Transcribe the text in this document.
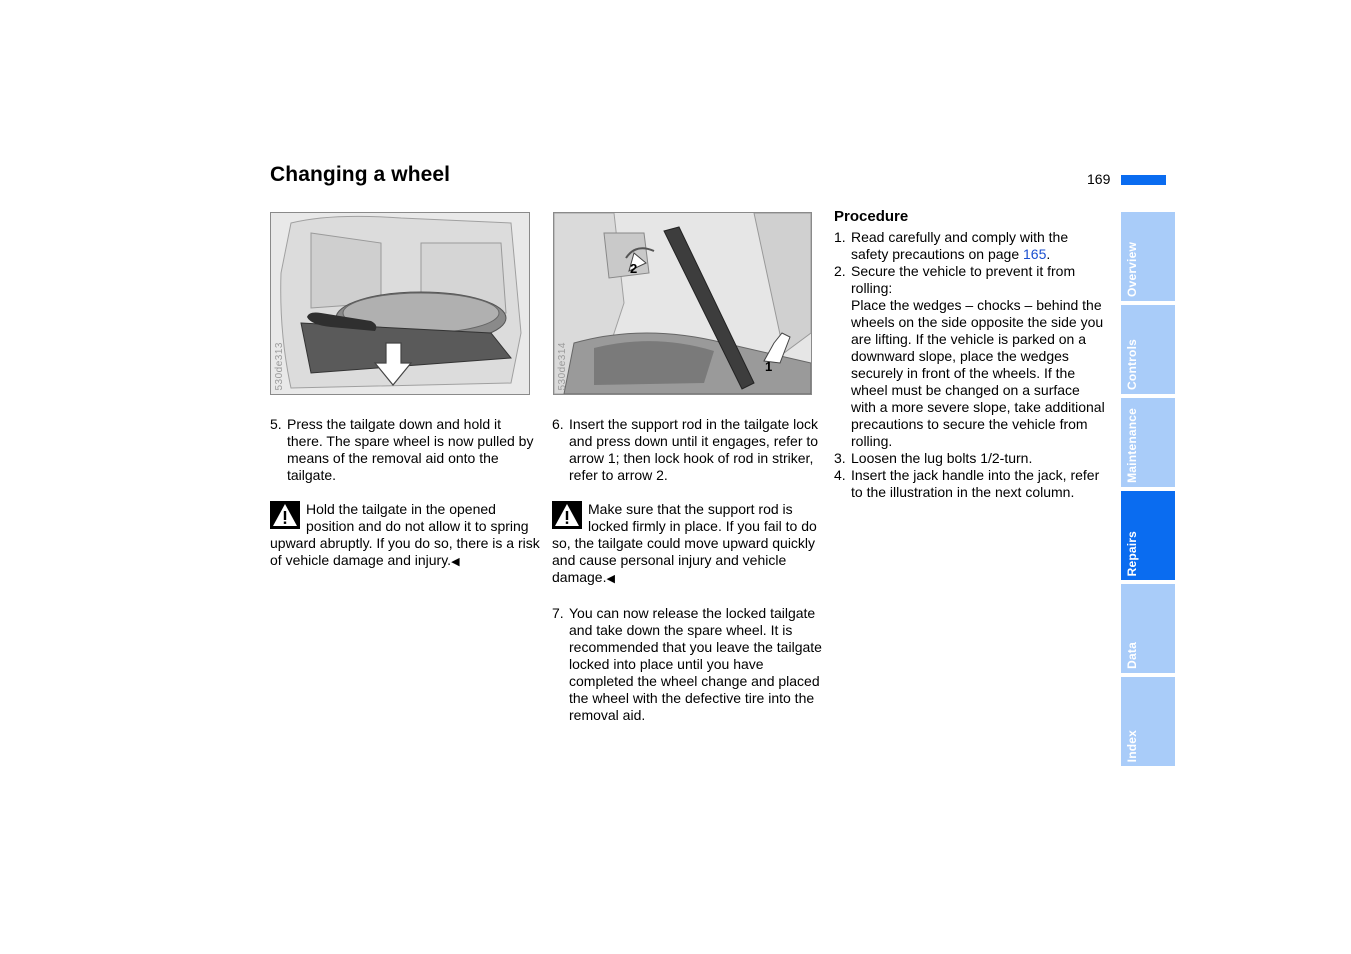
Changing a wheel	169
530de313	530de314
2
1

5. Press the tailgate down and hold it there. The spare wheel is now pulled by means of the removal aid onto the tailgate.

Hold the tailgate in the opened position and do not allow it to spring upward abruptly. If you do so, there is a risk of vehicle damage and injury.◀

6. Insert the support rod in the tailgate lock and press down until it engages, refer to arrow 1; then lock hook of rod in striker, refer to arrow 2.

Make sure that the support rod is locked firmly in place. If you fail to do so, the tailgate could move upward quickly and cause personal injury and vehicle damage.◀

7. You can now release the locked tailgate and take down the spare wheel. It is recommended that you leave the tailgate locked into place until you have completed the wheel change and placed the wheel with the defective tire into the removal aid.

Procedure

1. Read carefully and comply with the safety precautions on page 165.

2. Secure the vehicle to prevent it from rolling:
Place the wedges – chocks – behind the wheels on the side opposite the side you are lifting. If the vehicle is parked on a downward slope, place the wedges securely in front of the wheels. If the wheel must be changed on a surface with a more severe slope, take additional precautions to secure the vehicle from rolling.

3. Loosen the lug bolts 1/2-turn.

4. Insert the jack handle into the jack, refer to the illustration in the next column.

Overview
Controls
Maintenance
Repairs
Data
Index
